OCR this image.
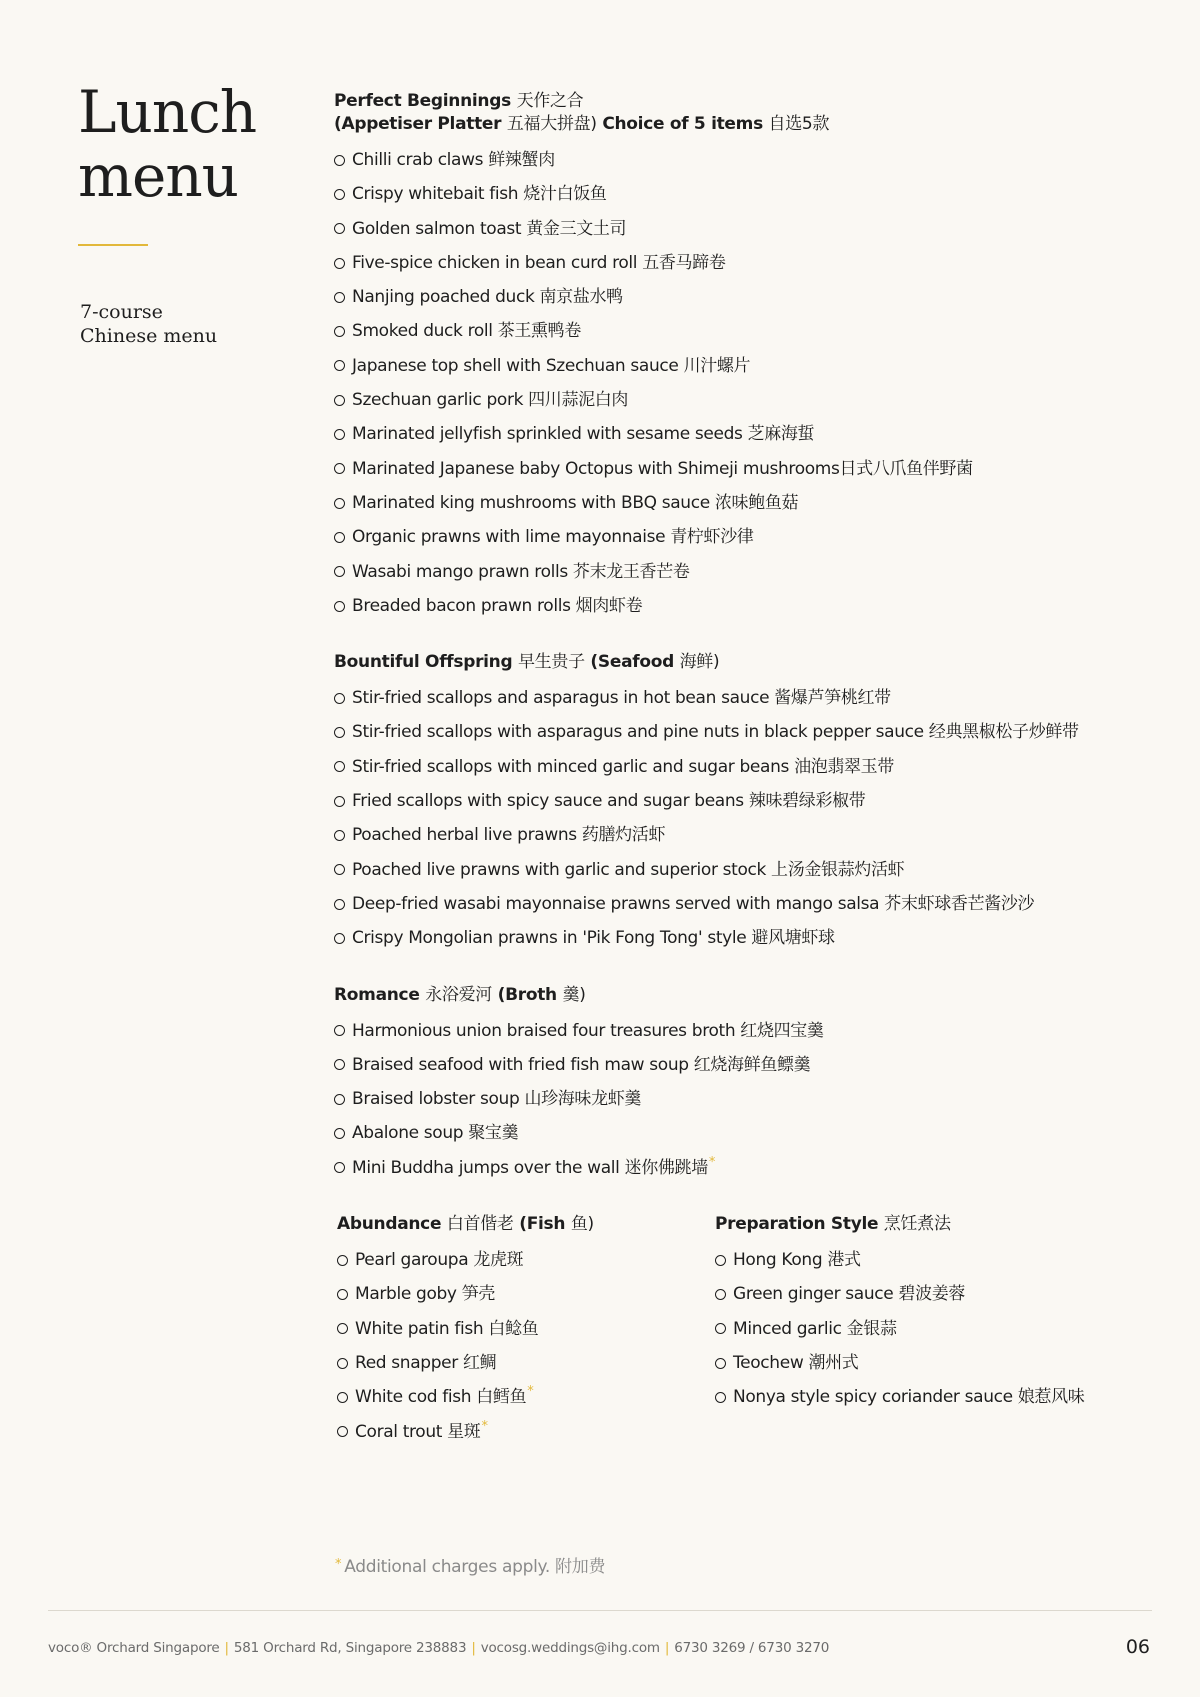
Lunch
menu
7-course
Chinese menu
Perfect Beginnings 天作之合
(Appetiser Platter 五福大拼盘) Choice of 5 items 自选5款
Chilli crab claws 鲜辣蟹肉
Crispy whitebait fish 烧汁白饭鱼
Golden salmon toast 黄金三文土司
Five-spice chicken in bean curd roll 五香马蹄卷
Nanjing poached duck 南京盐水鸭
Smoked duck roll 茶王熏鸭卷
Japanese top shell with Szechuan sauce 川汁螺片
Szechuan garlic pork 四川蒜泥白肉
Marinated jellyfish sprinkled with sesame seeds 芝麻海蜇
Marinated Japanese baby Octopus with Shimeji mushrooms日式八爪鱼伴野菌
Marinated king mushrooms with BBQ sauce 浓味鲍鱼菇
Organic prawns with lime mayonnaise 青柠虾沙律
Wasabi mango prawn rolls 芥末龙王香芒卷
Breaded bacon prawn rolls 烟肉虾卷
Bountiful Offspring 早生贵子 (Seafood 海鲜)
Stir-fried scallops and asparagus in hot bean sauce 酱爆芦笋桃红带
Stir-fried scallops with asparagus and pine nuts in black pepper sauce 经典黑椒松子炒鲜带
Stir-fried scallops with minced garlic and sugar beans 油泡翡翠玉带
Fried scallops with spicy sauce and sugar beans 辣味碧绿彩椒带
Poached herbal live prawns 药膳灼活虾
Poached live prawns with garlic and superior stock 上汤金银蒜灼活虾
Deep-fried wasabi mayonnaise prawns served with mango salsa 芥末虾球香芒酱沙沙
Crispy Mongolian prawns in 'Pik Fong Tong' style 避风塘虾球
Romance 永浴爱河 (Broth 羹)
Harmonious union braised four treasures broth 红烧四宝羹
Braised seafood with fried fish maw soup 红烧海鲜鱼鳔羹
Braised lobster soup 山珍海味龙虾羹
Abalone soup 聚宝羹
Mini Buddha jumps over the wall 迷你佛跳墙 *
Abundance 白首偕老 (Fish 鱼)
Pearl garoupa 龙虎斑
Marble goby 笋壳
White patin fish 白鲶鱼
Red snapper 红鲷
White cod fish 白鳕鱼 *
Coral trout 星斑 *
Preparation Style 烹饪煮法
Hong Kong 港式
Green ginger sauce 碧波姜蓉
Minced garlic 金银蒜
Teochew 潮州式
Nonya style spicy coriander sauce 娘惹风味
* Additional charges apply. 附加费
voco® Orchard Singapore | 581 Orchard Rd, Singapore 238883 | vocosg.weddings@ihg.com | 6730 3269 / 6730 3270	06
